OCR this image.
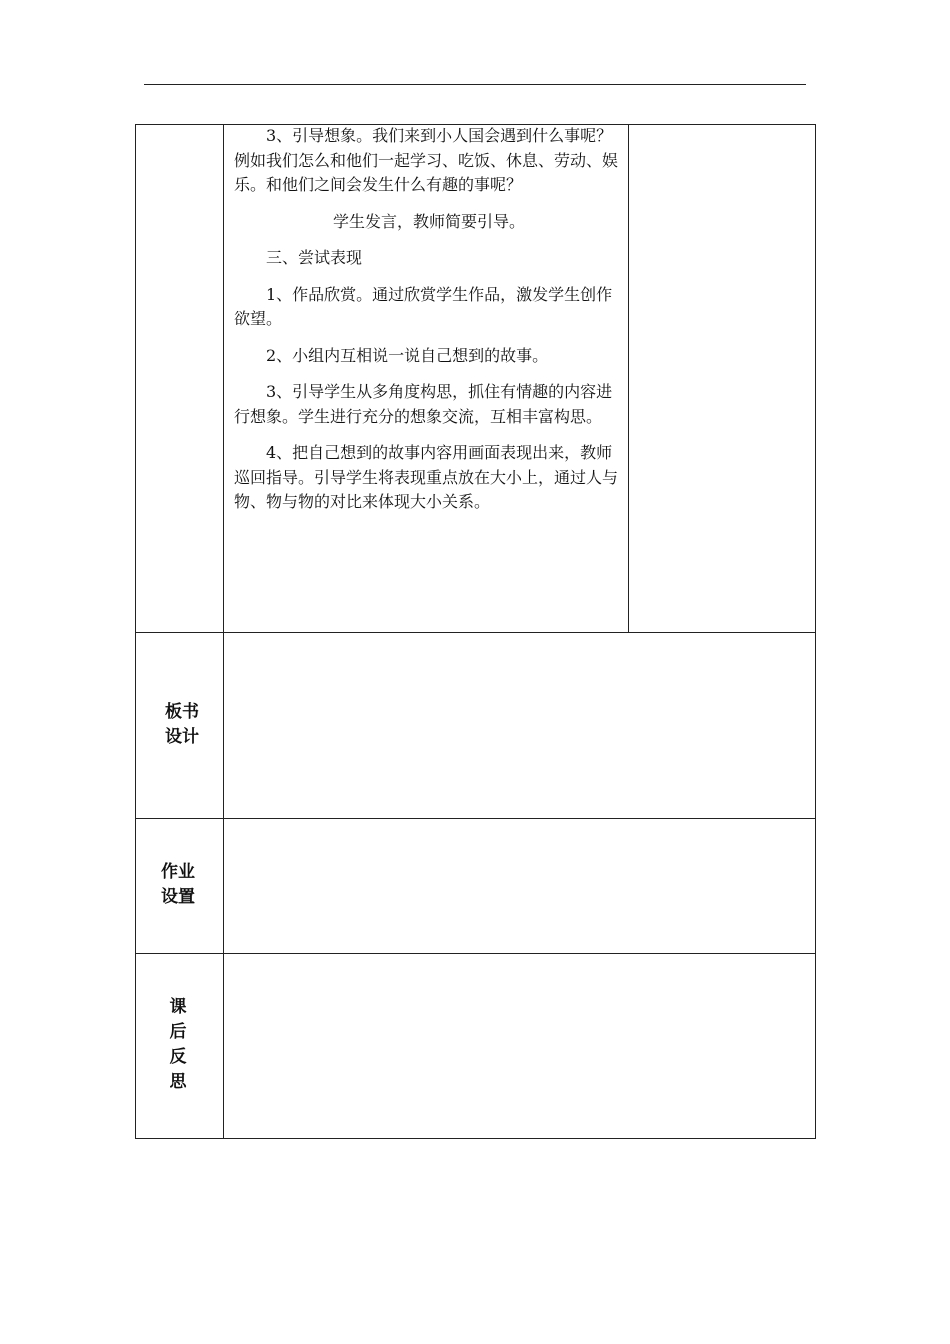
3、引导想象。我们来到小人国会遇到什么事呢？例如我们怎么和他们一起学习、吃饭、休息、劳动、娱乐。和他们之间会发生什么有趣的事呢？

学生发言，教师简要引导。

三、尝试表现

1、作品欣赏。通过欣赏学生作品，激发学生创作欲望。

2、小组内互相说一说自己想到的故事。

3、引导学生从多角度构思，抓住有情趣的内容进行想象。学生进行充分的想象交流，互相丰富构思。

4、把自己想到的故事内容用画面表现出来，教师巡回指导。引导学生将表现重点放在大小上，通过人与物、物与物的对比来体现大小关系。

板书
设计
作业
设置
课
后
反
思
